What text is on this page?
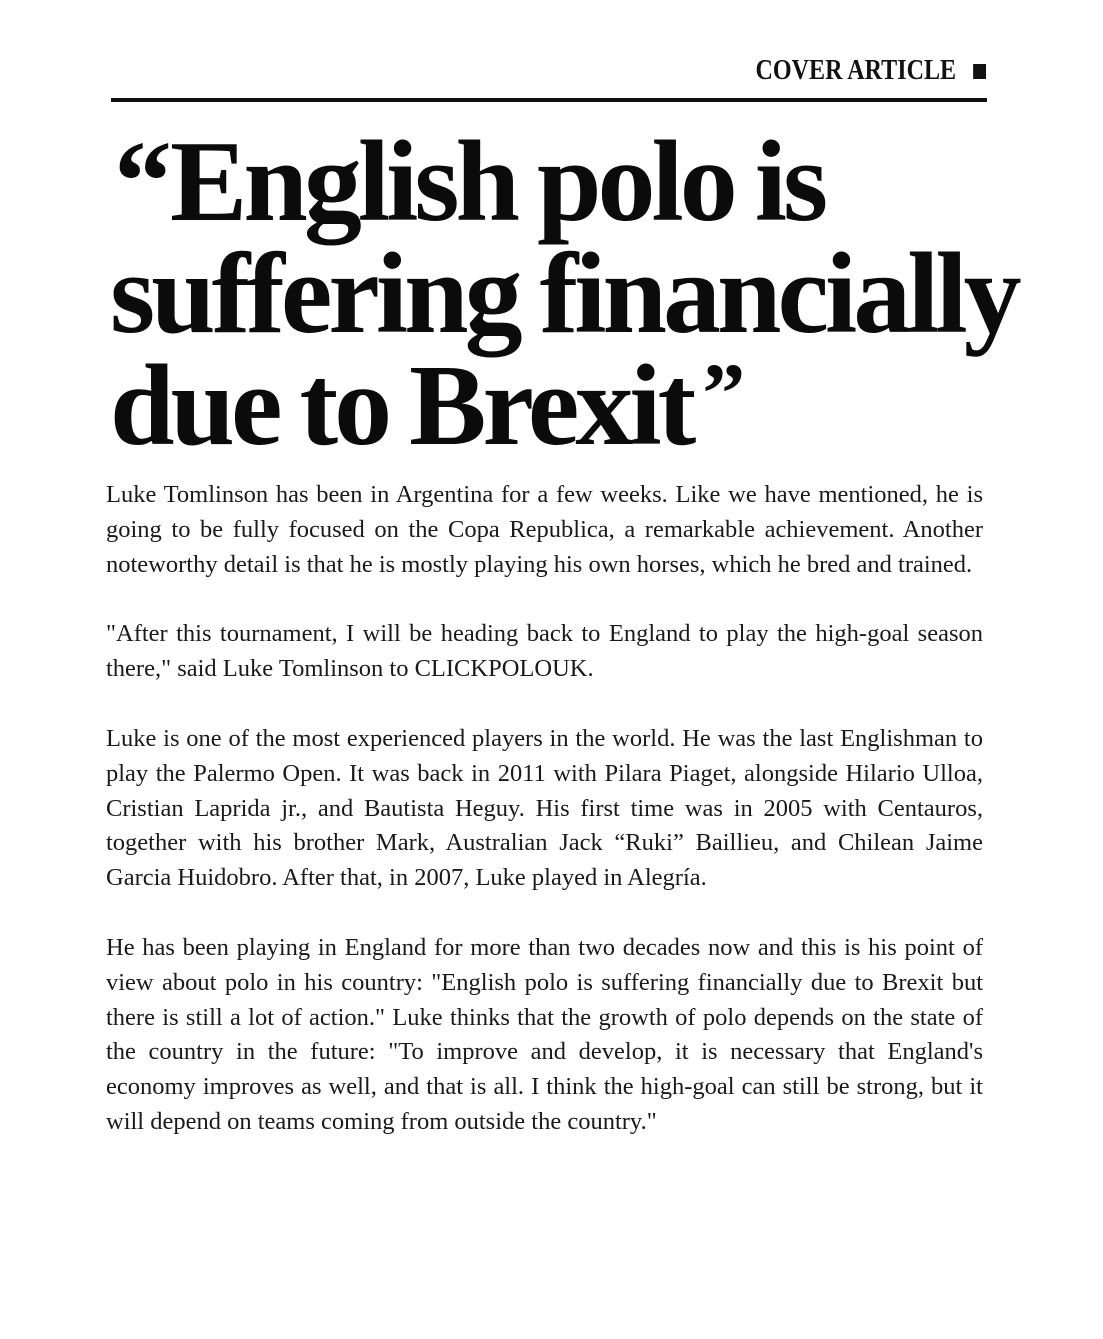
COVER ARTICLE
“English polo is
suffering financially
due to Brexit ”

Luke Tomlinson has been in Argentina for a few weeks. Like we have mentioned, he is going to be fully focused on the Copa Republica, a remarkable achievement. Another noteworthy detail is that he is mostly playing his own horses, which he bred and trained.

"After this tournament, I will be heading back to England to play the high-goal season there," said Luke Tomlinson to CLICKPOLOUK.

Luke is one of the most experienced players in the world. He was the last Englishman to play the Palermo Open. It was back in 2011 with Pilara Piaget, alongside Hilario Ulloa, Cristian Laprida jr., and Bautista Heguy. His first time was in 2005 with Centauros, together with his brother Mark, Australian Jack “Ruki” Baillieu, and Chilean Jaime Garcia Huidobro. After that, in 2007, Luke played in Alegría.

He has been playing in England for more than two decades now and this is his point of view about polo in his country: "English polo is suffering financially due to Brexit but there is still a lot of action." Luke thinks that the growth of polo depends on the state of the country in the future: "To improve and develop, it is necessary that England's economy improves as well, and that is all. I think the high-goal can still be strong, but it will depend on teams coming from outside the country."
